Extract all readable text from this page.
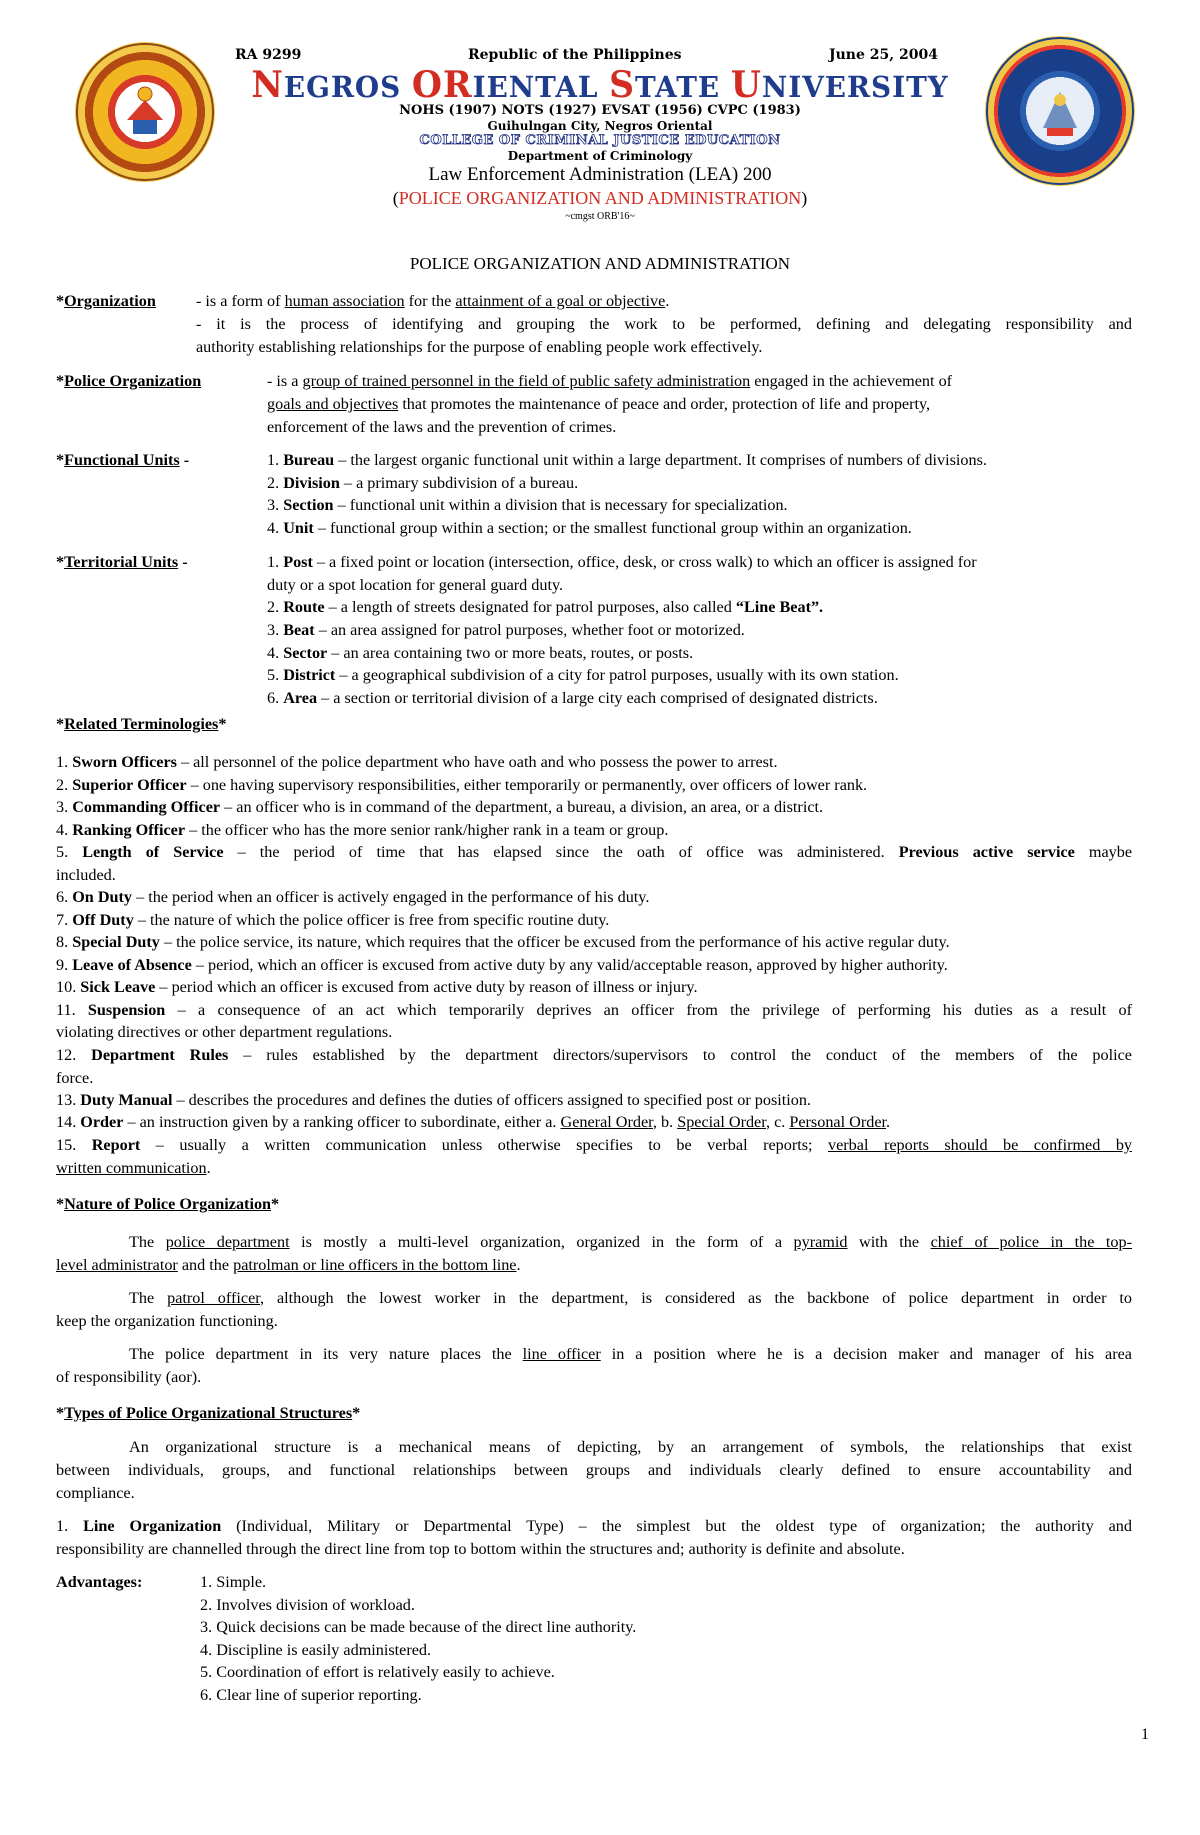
RA 9299	Republic of the Philippines	June 25, 2004
NEGROS ORIENTAL STATE UNIVERSITY
NOHS (1907) NOTS (1927) EVSAT (1956) CVPC (1983)
Guihulngan City, Negros Oriental
COLLEGE OF CRIMINAL JUSTICE EDUCATION
Department of Criminology
Law Enforcement Administration (LEA) 200
(POLICE ORGANIZATION AND ADMINISTRATION)
~cmgst ORB'16~
POLICE ORGANIZATION AND ADMINISTRATION
*Organization - is a form of human association for the attainment of a goal or objective.
- it is the process of identifying and grouping the work to be performed, defining and delegating responsibility and
authority establishing relationships for the purpose of enabling people work effectively.
*Police Organization	- is a group of trained personnel in the field of public safety administration engaged in the achievement of
goals and objectives that promotes the maintenance of peace and order, protection of life and property,
enforcement of the laws and the prevention of crimes.
*Functional Units -	1. Bureau – the largest organic functional unit within a large department. It comprises of numbers of divisions.
2. Division – a primary subdivision of a bureau.
3. Section – functional unit within a division that is necessary for specialization.
4. Unit – functional group within a section; or the smallest functional group within an organization.
*Territorial Units -	1. Post – a fixed point or location (intersection, office, desk, or cross walk) to which an officer is assigned for
duty or a spot location for general guard duty.
2. Route – a length of streets designated for patrol purposes, also called “Line Beat”.
3. Beat – an area assigned for patrol purposes, whether foot or motorized.
4. Sector – an area containing two or more beats, routes, or posts.
5. District – a geographical subdivision of a city for patrol purposes, usually with its own station.
6. Area – a section or territorial division of a large city each comprised of designated districts.
*Related Terminologies*
1. Sworn Officers – all personnel of the police department who have oath and who possess the power to arrest.
2. Superior Officer – one having supervisory responsibilities, either temporarily or permanently, over officers of lower rank.
3. Commanding Officer – an officer who is in command of the department, a bureau, a division, an area, or a district.
4. Ranking Officer – the officer who has the more senior rank/higher rank in a team or group.
5. Length of Service – the period of time that has elapsed since the oath of office was administered. Previous active service maybe
included.
6. On Duty – the period when an officer is actively engaged in the performance of his duty.
7. Off Duty – the nature of which the police officer is free from specific routine duty.
8. Special Duty – the police service, its nature, which requires that the officer be excused from the performance of his active regular duty.
9. Leave of Absence – period, which an officer is excused from active duty by any valid/acceptable reason, approved by higher authority.
10. Sick Leave – period which an officer is excused from active duty by reason of illness or injury.
11. Suspension – a consequence of an act which temporarily deprives an officer from the privilege of performing his duties as a result of
violating directives or other department regulations.
12. Department Rules – rules established by the department directors/supervisors to control the conduct of the members of the police
force.
13. Duty Manual – describes the procedures and defines the duties of officers assigned to specified post or position.
14. Order – an instruction given by a ranking officer to subordinate, either a. General Order, b. Special Order, c. Personal Order.
15. Report – usually a written communication unless otherwise specifies to be verbal reports; verbal reports should be confirmed by
written communication.
*Nature of Police Organization*
The police department is mostly a multi-level organization, organized in the form of a pyramid with the chief of police in the top-
level administrator and the patrolman or line officers in the bottom line.
The patrol officer, although the lowest worker in the department, is considered as the backbone of police department in order to
keep the organization functioning.
The police department in its very nature places the line officer in a position where he is a decision maker and manager of his area
of responsibility (aor).
*Types of Police Organizational Structures*
An organizational structure is a mechanical means of depicting, by an arrangement of symbols, the relationships that exist
between individuals, groups, and functional relationships between groups and individuals clearly defined to ensure accountability and
compliance.
1. Line Organization (Individual, Military or Departmental Type) – the simplest but the oldest type of organization; the authority and
responsibility are channelled through the direct line from top to bottom within the structures and; authority is definite and absolute.
Advantages:	1. Simple.
2. Involves division of workload.
3. Quick decisions can be made because of the direct line authority.
4. Discipline is easily administered.
5. Coordination of effort is relatively easily to achieve.
6. Clear line of superior reporting.
1
